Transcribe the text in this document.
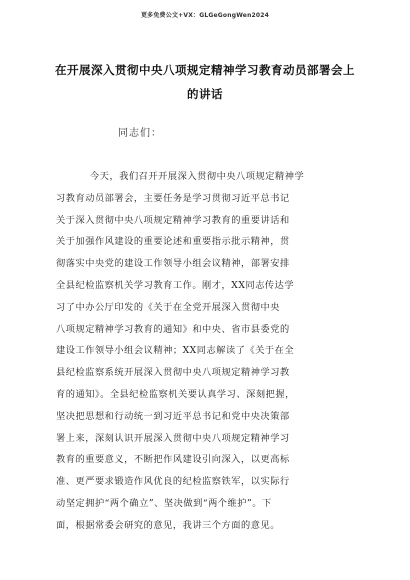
更多免费公文+VX：GLGeGongWen2024
在开展深入贯彻中央八项规定精神学习教育动员部署会上
的讲话
同志们：
今天，我们召开开展深入贯彻中央八项规定精神学
习教育动员部署会，主要任务是学习贯彻习近平总书记
关于深入贯彻中央八项规定精神学习教育的重要讲话和
关于加强作风建设的重要论述和重要指示批示精神，贯
彻落实中央党的建设工作领导小组会议精神，部署安排
全县纪检监察机关学习教育工作。刚才，XX同志传达学
习了中办公厅印发的《关于在全党开展深入贯彻中央
八项规定精神学习教育的通知》和中央、省市县委党的
建设工作领导小组会议精神；XX同志解读了《关于在全
县纪检监察系统开展深入贯彻中央八项规定精神学习教
育的通知》。全县纪检监察机关要认真学习、深刻把握，
坚决把思想和行动统一到习近平总书记和党中央决策部
署上来，深刻认识开展深入贯彻中央八项规定精神学习
教育的重要意义，不断把作风建设引向深入，以更高标
准、更严要求锻造作风优良的纪检监察铁军，以实际行
动坚定拥护“两个确立”、坚决做到“两个维护”。下
面，根据常委会研究的意见，我讲三个方面的意见。
